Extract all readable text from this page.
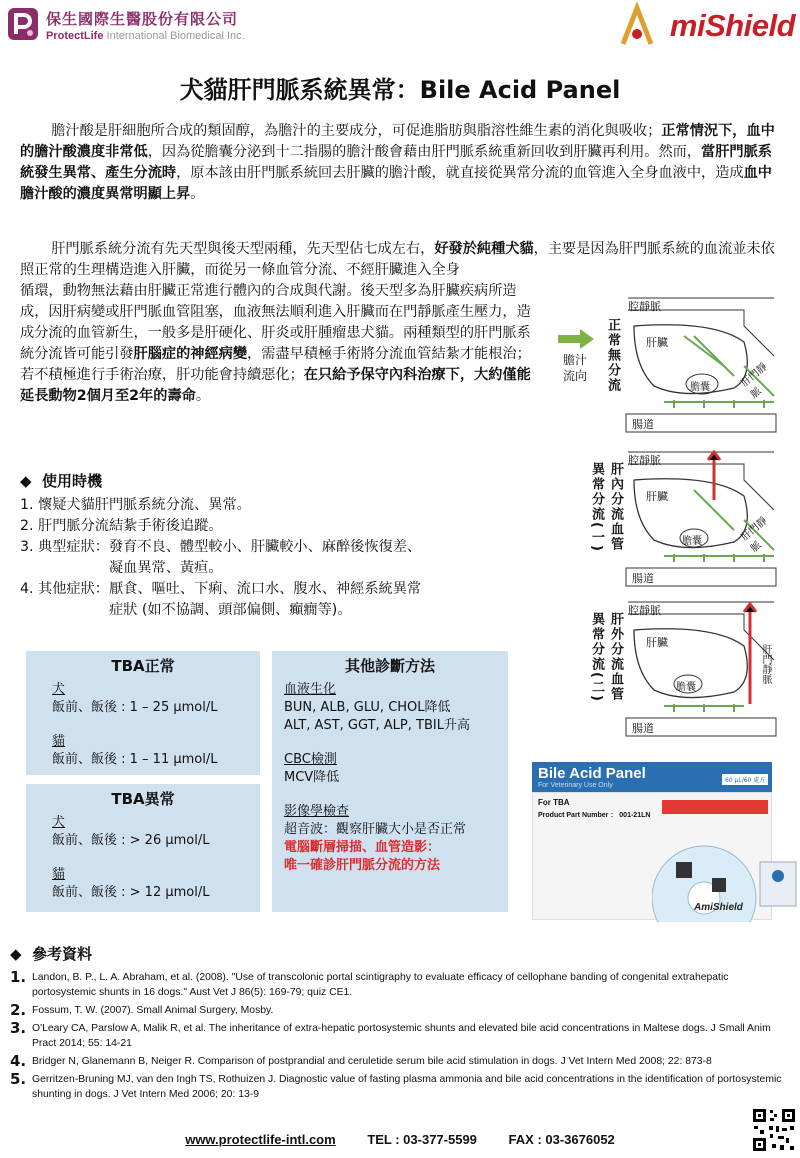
保生國際生醫股份有限公司
ProtectLife International Biomedical Inc.	miShield
犬貓肝門脈系統異常：Bile Acid Panel
膽汁酸是肝細胞所合成的類固醇，為膽汁的主要成分，可促進脂肪與脂溶性維生素的消化與吸收；正常情況下，血中的膽汁酸濃度非常低，因為從膽囊分泌到十二指腸的膽汁酸會藉由肝門脈系統重新回收到肝臟再利用。然而，當肝門脈系統發生異常、產生分流時，原本該由肝門脈系統回去肝臟的膽汁酸，就直接從異常分流的血管進入全身血液中，造成血中膽汁酸的濃度異常明顯上昇。
肝門脈系統分流有先天型與後天型兩種，先天型佔七成左右，好發於純種犬貓，主要是因為肝門脈系統的血流並未依照正常的生理構造進入肝臟，而從另一條血管分流、不經肝臟進入全身
循環，動物無法藉由肝臟正常進行體內的合成與代謝。後天型多為肝臟疾病所造成，因肝病變或肝門脈血管阻塞，血液無法順利進入肝臟而在門靜脈產生壓力，造成分流的血管新生，一般多是肝硬化、肝炎或肝腫瘤患犬貓。兩種類型的肝門脈系統分流皆可能引發肝腦症的神經病變，需盡早積極手術將分流血管結紮才能根治；若不積極進行手術治療，肝功能會持續惡化；在只給予保守內科治療下，大約僅能延長動物2個月至2年的壽命。
膽汁流向 正常無分流
異常分流(一) 肝內分流血管
異常分流(二) 肝外分流血管
腔靜脈
肝臟
膽囊
腸道
肝門靜脈
腔靜脈
肝臟
膽囊
腸道
肝門靜脈
腔靜脈
肝臟
膽囊
腸道
肝門靜脈
◆  使用時機
1. 懷疑犬貓肝門脈系統分流、異常。
2. 肝門脈分流結紮手術後追蹤。
3. 典型症狀：發育不良、體型較小、肝臟較小、麻醉後恢復差、
　　　　　凝血異常、黃疸。
4. 其他症狀：厭食、嘔吐、下痢、流口水、腹水、神經系統異常
　　　　　症狀 (如不協調、頭部偏側、癲癇等)。
TBA正常
犬
飯前、飯後 : 1 – 25 μmol/L
貓
飯前、飯後 : 1 – 11 μmol/L
TBA異常
犬
飯前、飯後 : > 26 μmol/L
貓
飯前、飯後 : > 12 μmol/L
其他診斷方法
血液生化
BUN, ALB, GLU, CHOL降低
ALT, AST, GGT, ALP, TBIL升高
CBC檢測
MCV降低
影像學檢查
超音波：觀察肝臟大小是否正常
電腦斷層掃描、血管造影：
唯一確診肝門脈分流的方法
Bile Acid Panel
For Veterinary Use Only
60 μL/60 處方
For TBA
Product Part Number ： 001-21LN
AmiShield
◆  參考資料
1. Landon, B. P., L. A. Abraham, et al. (2008). "Use of transcolonic portal scintigraphy to evaluate efficacy of cellophane banding of congenital extrahepatic portosystemic shunts in 16 dogs." Aust Vet J 86(5): 169-79; quiz CE1.
2. Fossum, T. W. (2007). Small Animal Surgery, Mosby.
3. O'Leary CA, Parslow A, Malik R, et al. The inheritance of extra-hepatic portosystemic shunts and elevated bile acid concentrations in Maltese dogs. J Small Anim Pract 2014; 55: 14-21
4. Bridger N, Glanemann B, Neiger R. Comparison of postprandial and ceruletide serum bile acid stimulation in dogs. J Vet Intern Med 2008; 22: 873-8
5. Gerritzen-Bruning MJ, van den Ingh TS, Rothuizen J. Diagnostic value of fasting plasma ammonia and bile acid concentrations in the identification of portosystemic shunting in dogs. J Vet Intern Med 2006; 20: 13-9
www.protectlife-intl.com TEL : 03-377-5599 FAX : 03-3676052
